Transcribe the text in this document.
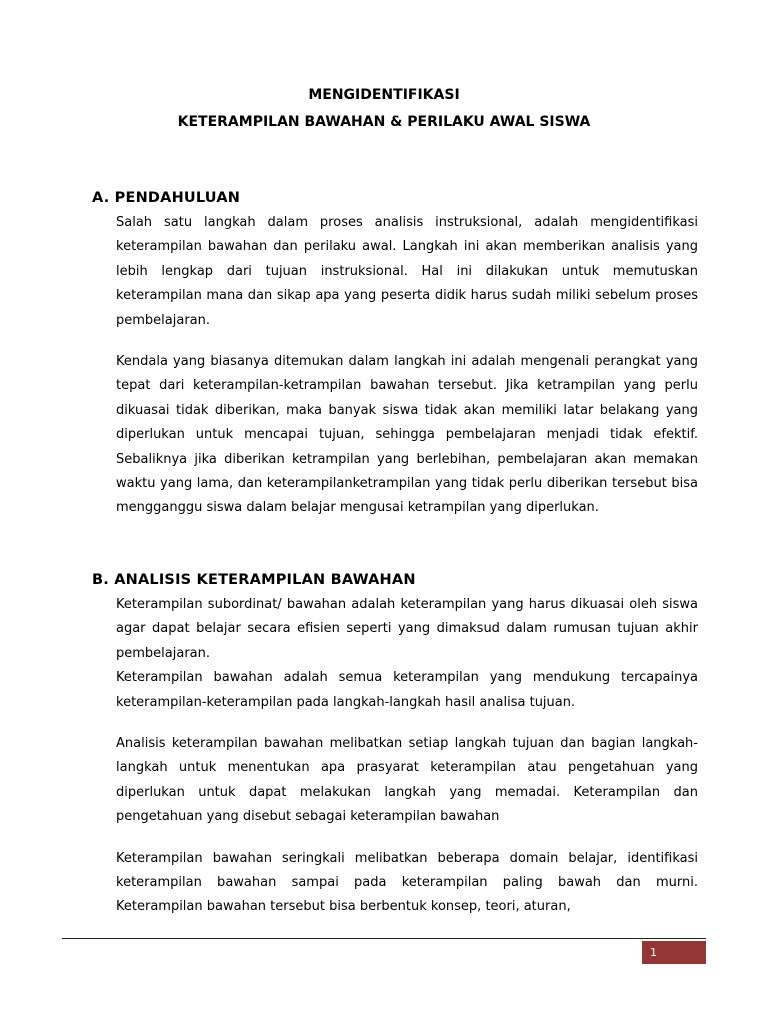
MENGIDENTIFIKASI

KETERAMPILAN BAWAHAN & PERILAKU AWAL SISWA

A. PENDAHULUAN

Salah satu langkah dalam proses analisis instruksional, adalah mengidentifikasi keterampilan bawahan dan perilaku awal. Langkah ini akan memberikan analisis yang lebih lengkap dari tujuan instruksional. Hal ini dilakukan untuk memutuskan keterampilan mana dan sikap apa yang peserta didik harus sudah miliki sebelum proses pembelajaran.

Kendala yang biasanya ditemukan dalam langkah ini adalah mengenali perangkat yang tepat dari keterampilan-ketrampilan bawahan tersebut. Jika ketrampilan yang perlu dikuasai tidak diberikan, maka banyak siswa tidak akan memiliki latar belakang yang diperlukan untuk mencapai tujuan, sehingga pembelajaran menjadi tidak efektif. Sebaliknya jika diberikan ketrampilan yang berlebihan, pembelajaran akan memakan waktu yang lama, dan keterampilanketrampilan yang tidak perlu diberikan tersebut bisa mengganggu siswa dalam belajar mengusai ketrampilan yang diperlukan.

B. ANALISIS KETERAMPILAN BAWAHAN

Keterampilan subordinat/ bawahan adalah keterampilan yang harus dikuasai oleh siswa agar dapat belajar secara efisien seperti yang dimaksud dalam rumusan tujuan akhir pembelajaran.

Keterampilan bawahan adalah semua keterampilan yang mendukung tercapainya keterampilan-keterampilan pada langkah-langkah hasil analisa tujuan.

Analisis keterampilan bawahan melibatkan setiap langkah tujuan dan bagian langkah-langkah untuk menentukan apa prasyarat keterampilan atau pengetahuan yang diperlukan untuk dapat melakukan langkah yang memadai. Keterampilan dan pengetahuan yang disebut sebagai keterampilan bawahan

Keterampilan bawahan seringkali melibatkan beberapa domain belajar, identifikasi keterampilan bawahan sampai pada keterampilan paling bawah dan murni. Keterampilan bawahan tersebut bisa berbentuk konsep, teori, aturan,

1
